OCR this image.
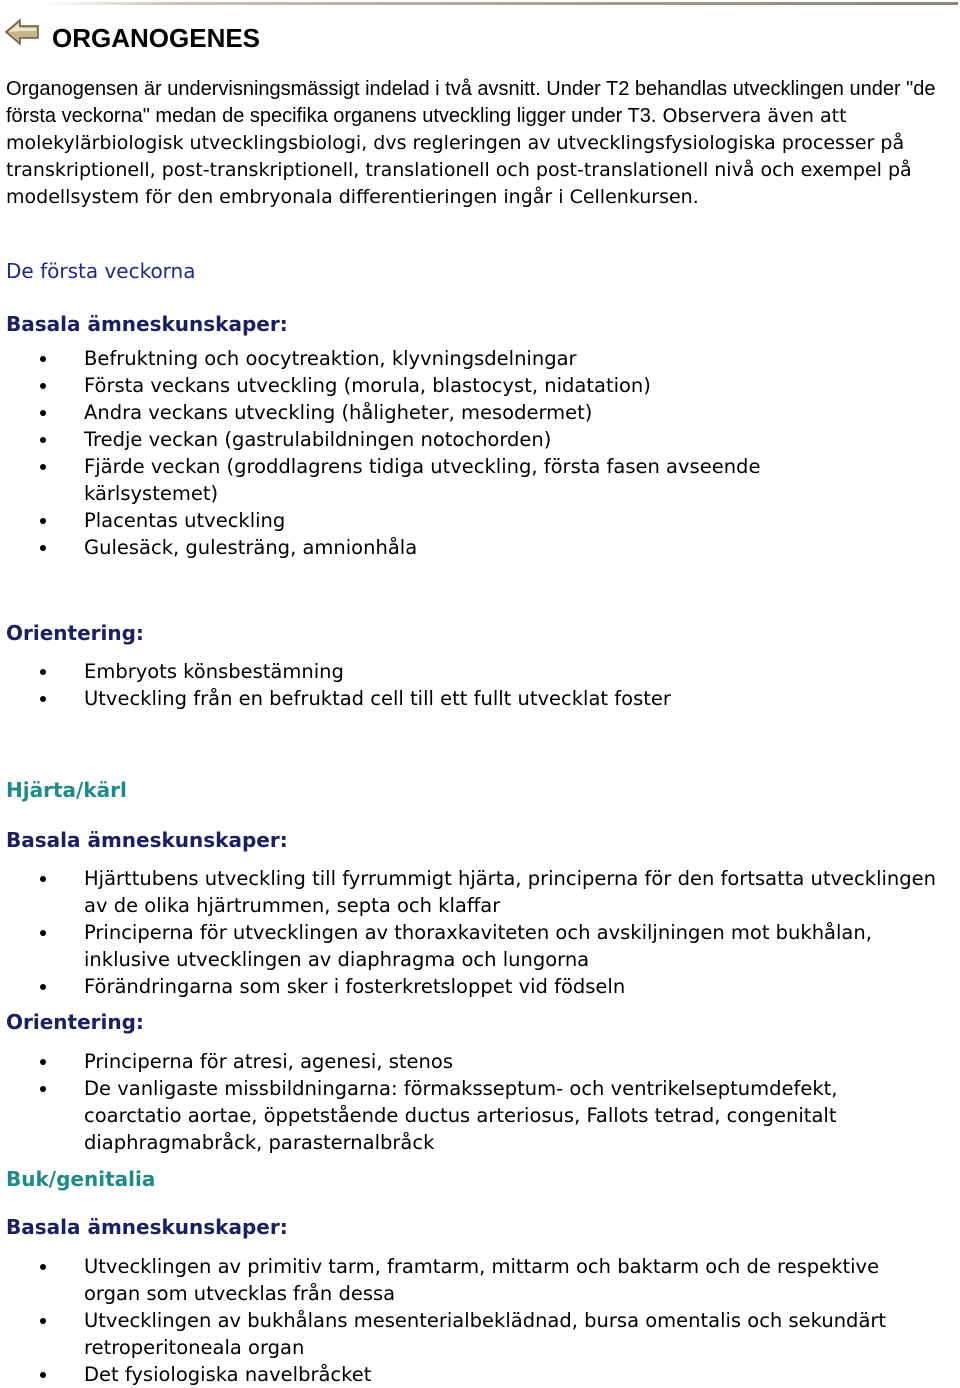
ORGANOGENES

Organogensen är undervisningsmässigt indelad i två avsnitt. Under T2 behandlas utvecklingen under "de första veckorna" medan de specifika organens utveckling ligger under T3. Observera även att molekylärbiologisk utvecklingsbiologi, dvs regleringen av utvecklingsfysiologiska processer på transkriptionell, post-transkriptionell, translationell och post-translationell nivå och exempel på modellsystem för den embryonala differentieringen ingår i Cellenkursen.

De första veckorna
Basala ämneskunskaper:
Befruktning och oocytreaktion, klyvningsdelningar
Första veckans utveckling (morula, blastocyst, nidatation)
Andra veckans utveckling (håligheter, mesodermet)
Tredje veckan (gastrulabildningen notochorden)
Fjärde veckan (groddlagrens tidiga utveckling, första fasen avseende kärlsystemet)
Placentas utveckling
Gulesäck, gulesträng, amnionhåla
Orientering:
Embryots könsbestämning
Utveckling från en befruktad cell till ett fullt utvecklat foster
Hjärta/kärl
Basala ämneskunskaper:
Hjärttubens utveckling till fyrrummigt hjärta, principerna för den fortsatta utvecklingen av de olika hjärtrummen, septa och klaffar
Principerna för utvecklingen av thoraxkaviteten och avskiljningen mot bukhålan, inklusive utvecklingen av diaphragma och lungorna
Förändringarna som sker i fosterkretsloppet vid födseln
Orientering:
Principerna för atresi, agenesi, stenos
De vanligaste missbildningarna: förmaksseptum- och ventrikelseptumdefekt, coarctatio aortae, öppetstående ductus arteriosus, Fallots tetrad, congenitalt diaphragmabråck, parasternalbråck
Buk/genitalia
Basala ämneskunskaper:
Utvecklingen av primitiv tarm, framtarm, mittarm och baktarm och de respektive organ som utvecklas från dessa
Utvecklingen av bukhålans mesenterialbeklädnad, bursa omentalis och sekundärt retroperitoneala organ
Det fysiologiska navelbråcket
